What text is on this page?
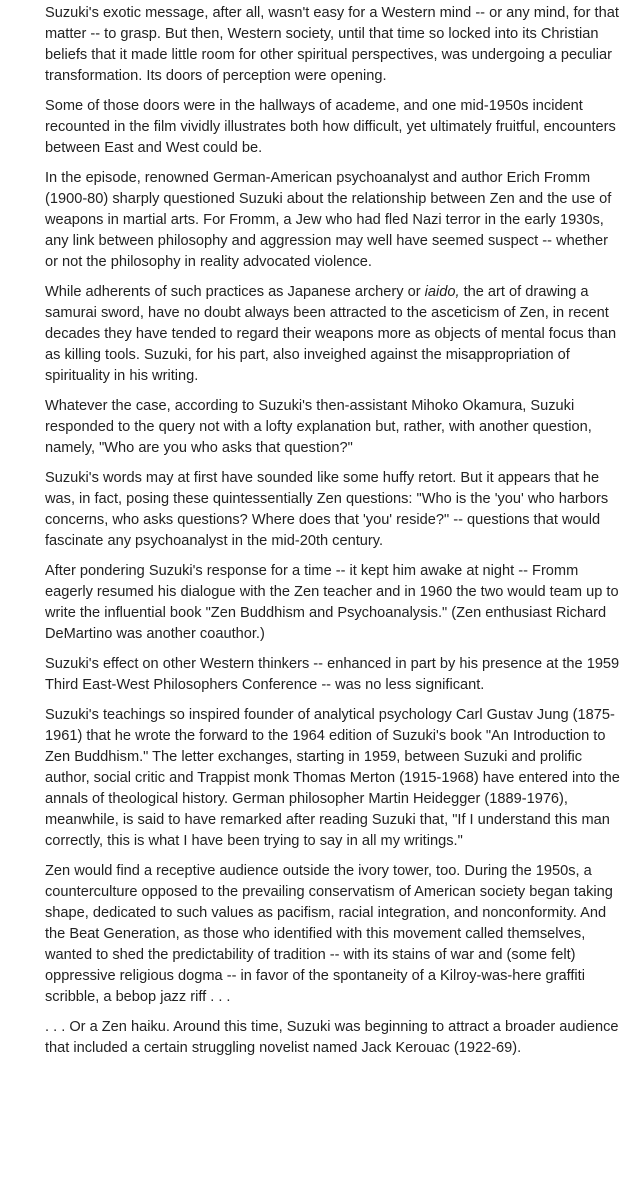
Suzuki's exotic message, after all, wasn't easy for a Western mind -- or any mind, for that matter -- to grasp. But then, Western society, until that time so locked into its Christian beliefs that it made little room for other spiritual perspectives, was undergoing a peculiar transformation. Its doors of perception were opening.

Some of those doors were in the hallways of academe, and one mid-1950s incident recounted in the film vividly illustrates both how difficult, yet ultimately fruitful, encounters between East and West could be.

In the episode, renowned German-American psychoanalyst and author Erich Fromm (1900-80) sharply questioned Suzuki about the relationship between Zen and the use of weapons in martial arts. For Fromm, a Jew who had fled Nazi terror in the early 1930s, any link between philosophy and aggression may well have seemed suspect -- whether or not the philosophy in reality advocated violence.

While adherents of such practices as Japanese archery or iaido, the art of drawing a samurai sword, have no doubt always been attracted to the asceticism of Zen, in recent decades they have tended to regard their weapons more as objects of mental focus than as killing tools. Suzuki, for his part, also inveighed against the misappropriation of spirituality in his writing.

Whatever the case, according to Suzuki's then-assistant Mihoko Okamura, Suzuki responded to the query not with a lofty explanation but, rather, with another question, namely, "Who are you who asks that question?"

Suzuki's words may at first have sounded like some huffy retort. But it appears that he was, in fact, posing these quintessentially Zen questions: "Who is the 'you' who harbors concerns, who asks questions? Where does that 'you' reside?" -- questions that would fascinate any psychoanalyst in the mid-20th century.

After pondering Suzuki's response for a time -- it kept him awake at night -- Fromm eagerly resumed his dialogue with the Zen teacher and in 1960 the two would team up to write the influential book "Zen Buddhism and Psychoanalysis." (Zen enthusiast Richard DeMartino was another coauthor.)

Suzuki's effect on other Western thinkers -- enhanced in part by his presence at the 1959 Third East-West Philosophers Conference -- was no less significant.

Suzuki's teachings so inspired founder of analytical psychology Carl Gustav Jung (1875-1961) that he wrote the forward to the 1964 edition of Suzuki's book "An Introduction to Zen Buddhism." The letter exchanges, starting in 1959, between Suzuki and prolific author, social critic and Trappist monk Thomas Merton (1915-1968) have entered into the annals of theological history. German philosopher Martin Heidegger (1889-1976), meanwhile, is said to have remarked after reading Suzuki that, "If I understand this man correctly, this is what I have been trying to say in all my writings."

Zen would find a receptive audience outside the ivory tower, too. During the 1950s, a counterculture opposed to the prevailing conservatism of American society began taking shape, dedicated to such values as pacifism, racial integration, and nonconformity. And the Beat Generation, as those who identified with this movement called themselves, wanted to shed the predictability of tradition -- with its stains of war and (some felt) oppressive religious dogma -- in favor of the spontaneity of a Kilroy-was-here graffiti scribble, a bebop jazz riff . . .

. . . Or a Zen haiku. Around this time, Suzuki was beginning to attract a broader audience that included a certain struggling novelist named Jack Kerouac (1922-69).
